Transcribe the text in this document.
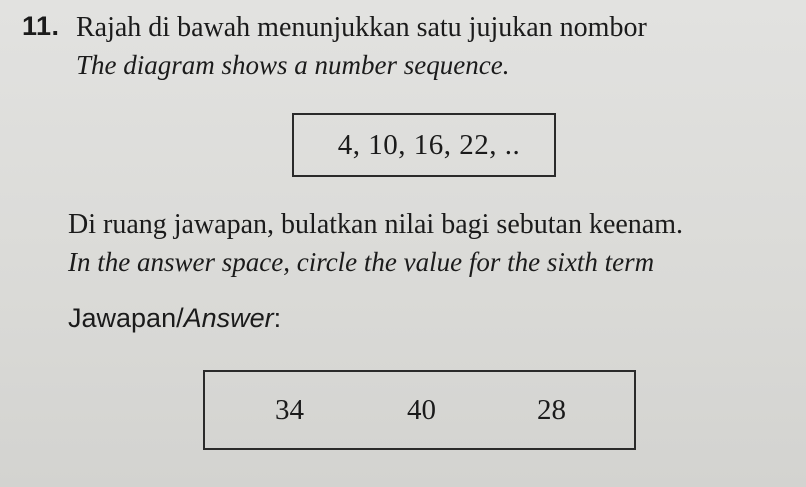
11. Rajah di bawah menunjukkan satu jujukan nombor
The diagram shows a number sequence.
4, 10, 16, 22, ..
Di ruang jawapan, bulatkan nilai bagi sebutan keenam.
In the answer space, circle the value for the sixth term
Jawapan/Answer:
34	40	28
